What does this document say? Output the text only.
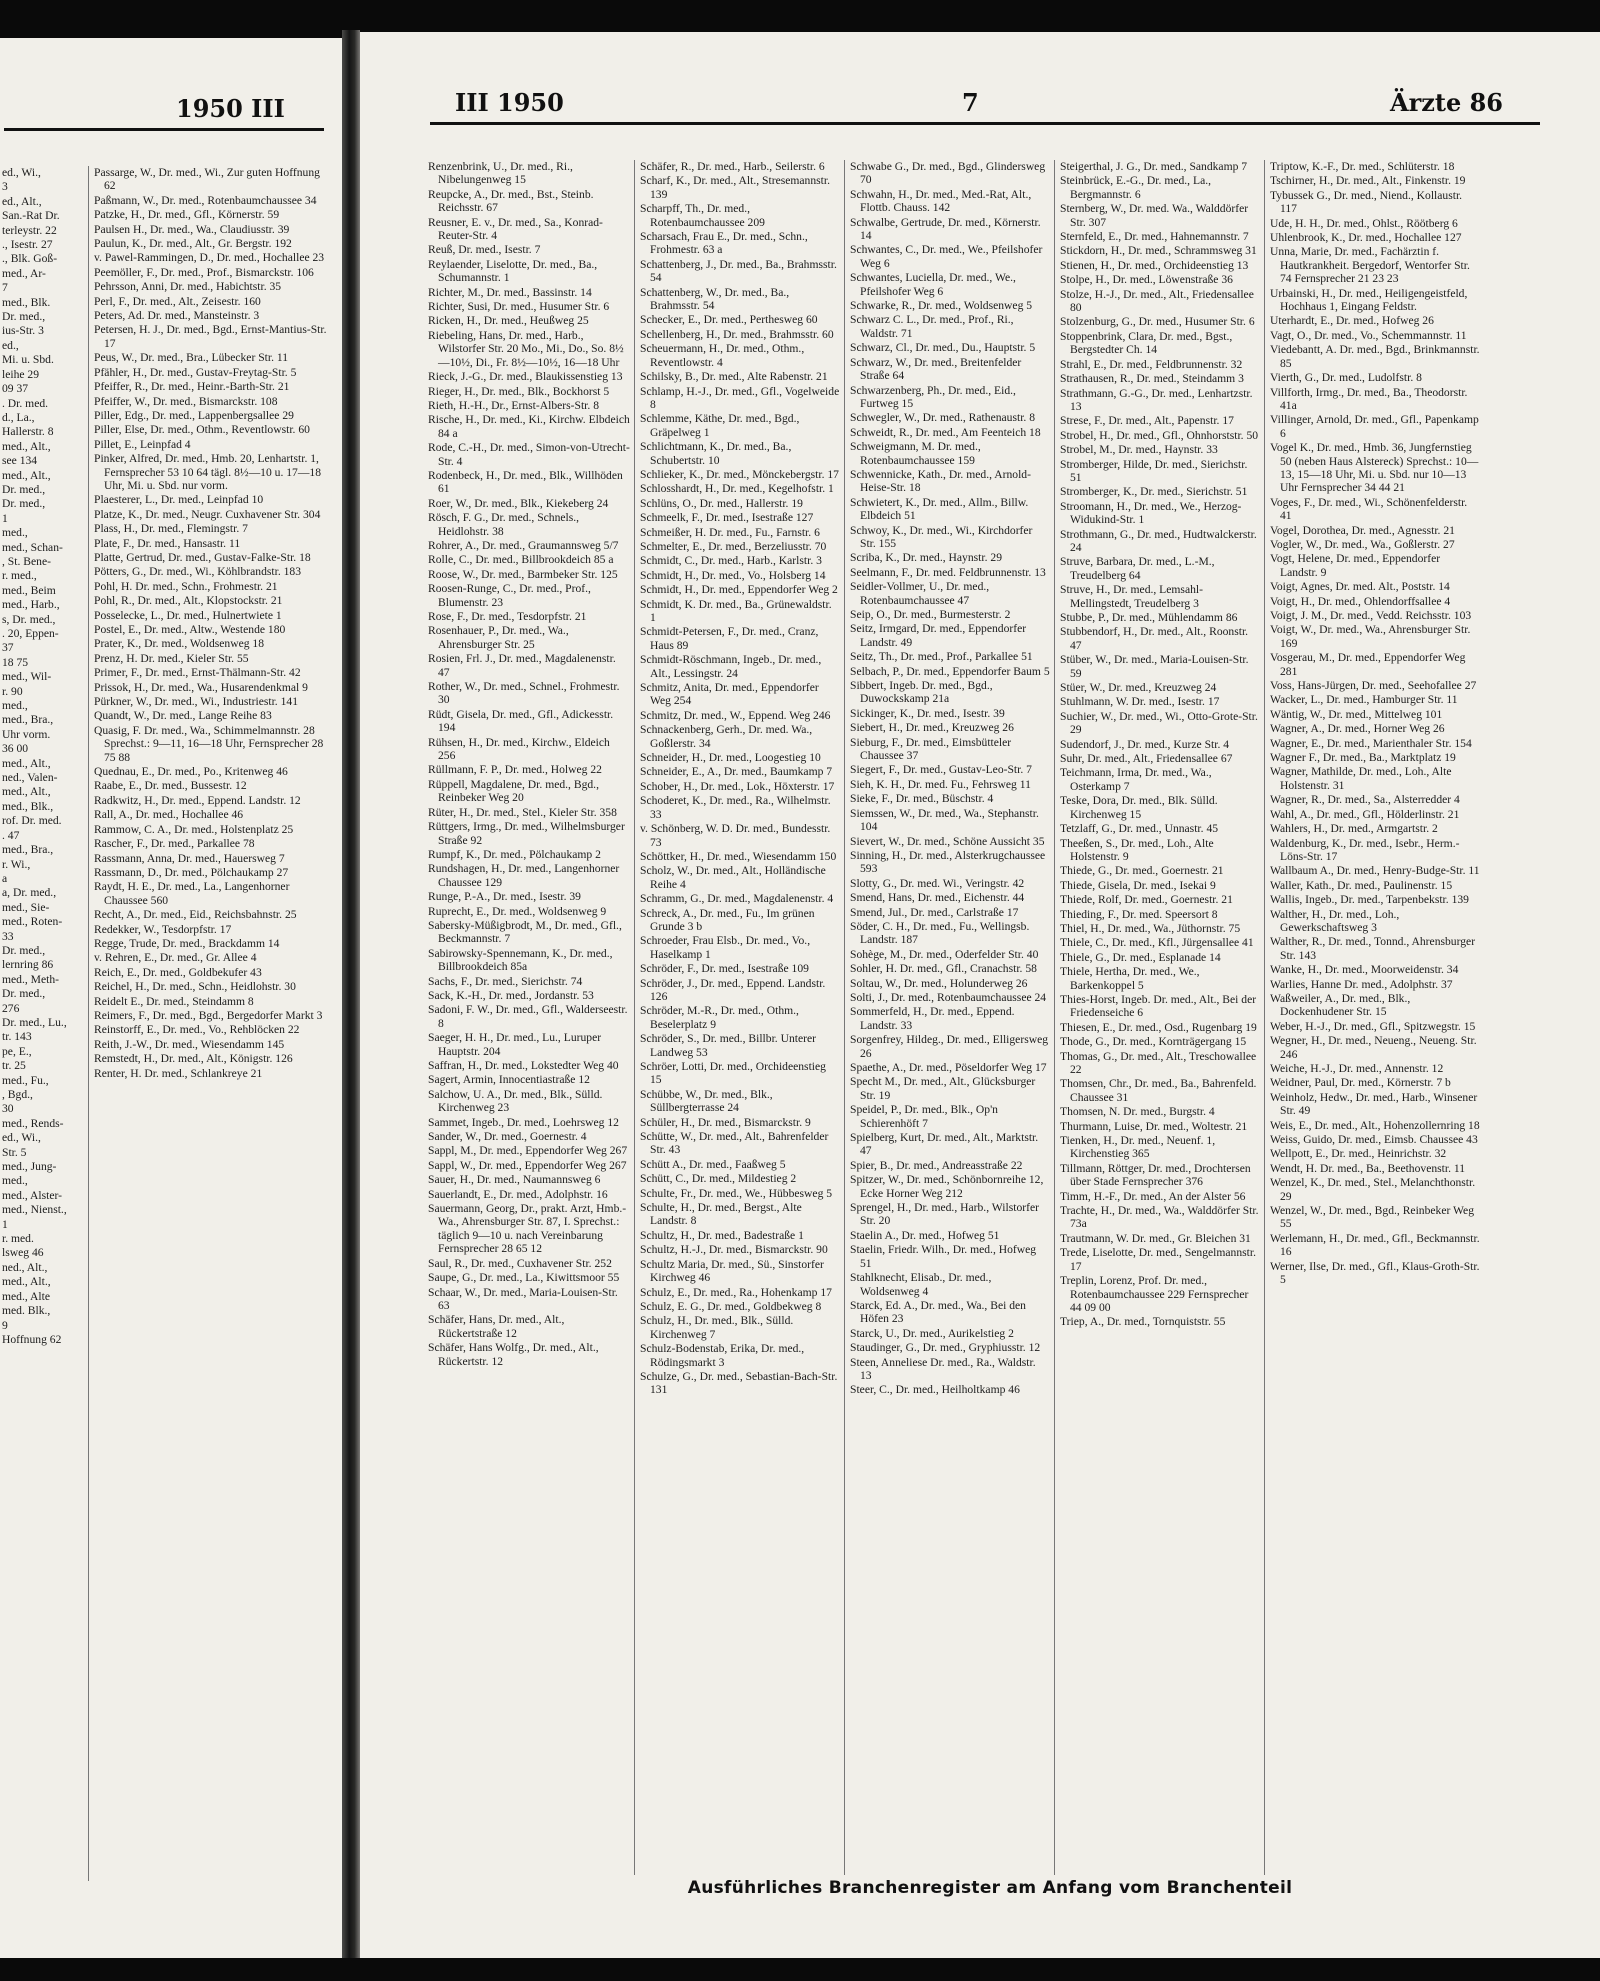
1950 III

ed., Wi.,

3

ed., Alt.,

San.-Rat Dr.

terleystr. 22

., Isestr. 27

., Blk. Goß-

med., Ar-

7

med., Blk.

Dr. med.,

ius-Str. 3

ed.,

Mi. u. Sbd.

leihe 29

09 37

. Dr. med.

d., La.,

Hallerstr. 8

med., Alt.,

see 134

med., Alt.,

Dr. med.,

Dr. med.,

1

med.,

med., Schan-

, St. Bene-

r. med.,

med., Beim

med., Harb.,

s, Dr. med.,

. 20, Eppen-

37

18 75

med., Wil-

r. 90

med.,

med., Bra.,

Uhr vorm.

36 00

med., Alt.,

ned., Valen-

med., Alt.,

med., Blk.,

rof. Dr. med.

. 47

med., Bra.,

r. Wi.,

a

a, Dr. med.,

med., Sie-

med., Roten-

33

Dr. med.,

lernring 86

med., Meth-

Dr. med.,

276

Dr. med., Lu.,

tr. 143

pe, E.,

tr. 25

med., Fu.,

, Bgd.,

30

med., Rends-

ed., Wi.,

Str. 5

med., Jung-

med.,

med., Alster-

med., Nienst.,

1

r. med.

lsweg 46

ned., Alt.,

med., Alt.,

med., Alte

med. Blk.,

9

Hoffnung 62

Passarge, W., Dr. med., Wi., Zur guten Hoffnung 62

Paßmann, W., Dr. med., Rotenbaumchaussee 34

Patzke, H., Dr. med., Gfl., Körnerstr. 59

Paulsen H., Dr. med., Wa., Claudiusstr. 39

Paulun, K., Dr. med., Alt., Gr. Bergstr. 192

v. Pawel-Rammingen, D., Dr. med., Hochallee 23

Peemöller, F., Dr. med., Prof., Bismarckstr. 106

Pehrsson, Anni, Dr. med., Habichtstr. 35

Perl, F., Dr. med., Alt., Zeisestr. 160

Peters, Ad. Dr. med., Mansteinstr. 3

Petersen, H. J., Dr. med., Bgd., Ernst-Mantius-Str. 17

Peus, W., Dr. med., Bra., Lübecker Str. 11

Pfähler, H., Dr. med., Gustav-Freytag-Str. 5

Pfeiffer, R., Dr. med., Heinr.-Barth-Str. 21

Pfeiffer, W., Dr. med., Bismarckstr. 108

Piller, Edg., Dr. med., Lappenbergsallee 29

Piller, Else, Dr. med., Othm., Reventlowstr. 60

Pillet, E., Leinpfad 4

Pinker, Alfred, Dr. med., Hmb. 20, Lenhartstr. 1, Fernsprecher 53 10 64 tägl. 8½—10 u. 17—18 Uhr, Mi. u. Sbd. nur vorm.

Plaesterer, L., Dr. med., Leinpfad 10

Platze, K., Dr. med., Neugr. Cuxhavener Str. 304

Plass, H., Dr. med., Flemingstr. 7

Plate, F., Dr. med., Hansastr. 11

Platte, Gertrud, Dr. med., Gustav-Falke-Str. 18

Pötters, G., Dr. med., Wi., Köhlbrandstr. 183

Pohl, H. Dr. med., Schn., Frohmestr. 21

Pohl, R., Dr. med., Alt., Klopstockstr. 21

Posselecke, L., Dr. med., Hulnertwiete 1

Postel, E., Dr. med., Altw., Westende 180

Prater, K., Dr. med., Woldsenweg 18

Prenz, H. Dr. med., Kieler Str. 55

Primer, F., Dr. med., Ernst-Thälmann-Str. 42

Prissok, H., Dr. med., Wa., Husarendenkmal 9

Pürkner, W., Dr. med., Wi., Industriestr. 141

Quandt, W., Dr. med., Lange Reihe 83

Quasig, F. Dr. med., Wa., Schimmelmannstr. 28 Sprechst.: 9—11, 16—18 Uhr, Fernsprecher 28 75 88

Quednau, E., Dr. med., Po., Kritenweg 46

Raabe, E., Dr. med., Bussestr. 12

Radkwitz, H., Dr. med., Eppend. Landstr. 12

Rall, A., Dr. med., Hochallee 46

Rammow, C. A., Dr. med., Holstenplatz 25

Rascher, F., Dr. med., Parkallee 78

Rassmann, Anna, Dr. med., Hauersweg 7

Rassmann, D., Dr. med., Pölchaukamp 27

Raydt, H. E., Dr. med., La., Langenhorner Chaussee 560

Recht, A., Dr. med., Eid., Reichsbahnstr. 25

Redekker, W., Tesdorpfstr. 17

Regge, Trude, Dr. med., Brackdamm 14

v. Rehren, E., Dr. med., Gr. Allee 4

Reich, E., Dr. med., Goldbekufer 43

Reichel, H., Dr. med., Schn., Heidlohstr. 30

Reidelt E., Dr. med., Steindamm 8

Reimers, F., Dr. med., Bgd., Bergedorfer Markt 3

Reinstorff, E., Dr. med., Vo., Rehblöcken 22

Reith, J.-W., Dr. med., Wiesendamm 145

Remstedt, H., Dr. med., Alt., Königstr. 126

Renter, H. Dr. med., Schlankreye 21

III 1950	7	Ärzte 86

Renzenbrink, U., Dr. med., Ri., Nibelungenweg 15

Reupcke, A., Dr. med., Bst., Steinb. Reichsstr. 67

Reusner, E. v., Dr. med., Sa., Konrad-Reuter-Str. 4

Reuß, Dr. med., Isestr. 7

Reylaender, Liselotte, Dr. med., Ba., Schumannstr. 1

Richter, M., Dr. med., Bassinstr. 14

Richter, Susi, Dr. med., Husumer Str. 6

Ricken, H., Dr. med., Heußweg 25

Riebeling, Hans, Dr. med., Harb., Wilstorfer Str. 20 Mo., Mi., Do., So. 8½—10½, Di., Fr. 8½—10½, 16—18 Uhr

Rieck, J.-G., Dr. med., Blaukissenstieg 13

Rieger, H., Dr. med., Blk., Bockhorst 5

Rieth, H.-H., Dr., Ernst-Albers-Str. 8

Rische, H., Dr. med., Ki., Kirchw. Elbdeich 84 a

Rode, C.-H., Dr. med., Simon-von-Utrecht-Str. 4

Rodenbeck, H., Dr. med., Blk., Willhöden 61

Roer, W., Dr. med., Blk., Kiekeberg 24

Rösch, F. G., Dr. med., Schnels., Heidlohstr. 38

Rohrer, A., Dr. med., Graumannsweg 5/7

Rolle, C., Dr. med., Billbrookdeich 85 a

Roose, W., Dr. med., Barmbeker Str. 125

Roosen-Runge, C., Dr. med., Prof., Blumenstr. 23

Rose, F., Dr. med., Tesdorpfstr. 21

Rosenhauer, P., Dr. med., Wa., Ahrensburger Str. 25

Rosien, Frl. J., Dr. med., Magdalenenstr. 47

Rother, W., Dr. med., Schnel., Frohmestr. 30

Rüdt, Gisela, Dr. med., Gfl., Adickesstr. 194

Rühsen, H., Dr. med., Kirchw., Eldeich 256

Rüllmann, F. P., Dr. med., Holweg 22

Rüppell, Magdalene, Dr. med., Bgd., Reinbeker Weg 20

Rüter, H., Dr. med., Stel., Kieler Str. 358

Rüttgers, Irmg., Dr. med., Wilhelmsburger Straße 92

Rumpf, K., Dr. med., Pölchaukamp 2

Rundshagen, H., Dr. med., Langenhorner Chaussee 129

Runge, P.-A., Dr. med., Isestr. 39

Ruprecht, E., Dr. med., Woldsenweg 9

Sabersky-Müßigbrodt, M., Dr. med., Gfl., Beckmannstr. 7

Sabirowsky-Spennemann, K., Dr. med., Billbrookdeich 85a

Sachs, F., Dr. med., Sierichstr. 74

Sack, K.-H., Dr. med., Jordanstr. 53

Sadoni, F. W., Dr. med., Gfl., Walderseestr. 8

Saeger, H. H., Dr. med., Lu., Luruper Hauptstr. 204

Saffran, H., Dr. med., Lokstedter Weg 40

Sagert, Armin, Innocentiastraße 12

Salchow, U. A., Dr. med., Blk., Sülld. Kirchenweg 23

Sammet, Ingeb., Dr. med., Loehrsweg 12

Sander, W., Dr. med., Goernestr. 4

Sappl, M., Dr. med., Eppendorfer Weg 267

Sappl, W., Dr. med., Eppendorfer Weg 267

Sauer, H., Dr. med., Naumannsweg 6

Sauerlandt, E., Dr. med., Adolphstr. 16

Sauermann, Georg, Dr., prakt. Arzt, Hmb.-Wa., Ahrensburger Str. 87, I. Sprechst.: täglich 9—10 u. nach Vereinbarung Fernsprecher 28 65 12

Saul, R., Dr. med., Cuxhavener Str. 252

Saupe, G., Dr. med., La., Kiwittsmoor 55

Schaar, W., Dr. med., Maria-Louisen-Str. 63

Schäfer, Hans, Dr. med., Alt., Rückertstraße 12

Schäfer, Hans Wolfg., Dr. med., Alt., Rückertstr. 12

Schäfer, R., Dr. med., Harb., Seilerstr. 6

Scharf, K., Dr. med., Alt., Stresemannstr. 139

Scharpff, Th., Dr. med., Rotenbaumchaussee 209

Scharsach, Frau E., Dr. med., Schn., Frohmestr. 63 a

Schattenberg, J., Dr. med., Ba., Brahmsstr. 54

Schattenberg, W., Dr. med., Ba., Brahmsstr. 54

Schecker, E., Dr. med., Perthesweg 60

Schellenberg, H., Dr. med., Brahmsstr. 60

Scheuermann, H., Dr. med., Othm., Reventlowstr. 4

Schilsky, B., Dr. med., Alte Rabenstr. 21

Schlamp, H.-J., Dr. med., Gfl., Vogelweide 8

Schlemme, Käthe, Dr. med., Bgd., Gräpelweg 1

Schlichtmann, K., Dr. med., Ba., Schubertstr. 10

Schlieker, K., Dr. med., Mönckebergstr. 17

Schlosshardt, H., Dr. med., Kegelhofstr. 1

Schlüns, O., Dr. med., Hallerstr. 19

Schmeelk, F., Dr. med., Isestraße 127

Schmeißer, H. Dr. med., Fu., Farnstr. 6

Schmelter, E., Dr. med., Berzeliusstr. 70

Schmidt, C., Dr. med., Harb., Karlstr. 3

Schmidt, H., Dr. med., Vo., Holsberg 14

Schmidt, H., Dr. med., Eppendorfer Weg 2

Schmidt, K. Dr. med., Ba., Grünewaldstr. 1

Schmidt-Petersen, F., Dr. med., Cranz, Haus 89

Schmidt-Röschmann, Ingeb., Dr. med., Alt., Lessingstr. 24

Schmitz, Anita, Dr. med., Eppendorfer Weg 254

Schmitz, Dr. med., W., Eppend. Weg 246

Schnackenberg, Gerh., Dr. med. Wa., Goßlerstr. 34

Schneider, H., Dr. med., Loogestieg 10

Schneider, E., A., Dr. med., Baumkamp 7

Schober, H., Dr. med., Lok., Höxterstr. 17

Schoderet, K., Dr. med., Ra., Wilhelmstr. 33

v. Schönberg, W. D. Dr. med., Bundesstr. 73

Schöttker, H., Dr. med., Wiesendamm 150

Scholz, W., Dr. med., Alt., Holländische Reihe 4

Schramm, G., Dr. med., Magdalenenstr. 4

Schreck, A., Dr. med., Fu., Im grünen Grunde 3 b

Schroeder, Frau Elsb., Dr. med., Vo., Haselkamp 1

Schröder, F., Dr. med., Isestraße 109

Schröder, J., Dr. med., Eppend. Landstr. 126

Schröder, M.-R., Dr. med., Othm., Beselerplatz 9

Schröder, S., Dr. med., Billbr. Unterer Landweg 53

Schröer, Lotti, Dr. med., Orchideenstieg 15

Schübbe, W., Dr. med., Blk., Süllbergterrasse 24

Schüler, H., Dr. med., Bismarckstr. 9

Schütte, W., Dr. med., Alt., Bahrenfelder Str. 43

Schütt A., Dr. med., Faaßweg 5

Schütt, C., Dr. med., Mildestieg 2

Schulte, Fr., Dr. med., We., Hübbesweg 5

Schulte, H., Dr. med., Bergst., Alte Landstr. 8

Schultz, H., Dr. med., Badestraße 1

Schultz, H.-J., Dr. med., Bismarckstr. 90

Schultz Maria, Dr. med., Sü., Sinstorfer Kirchweg 46

Schulz, E., Dr. med., Ra., Hohenkamp 17

Schulz, E. G., Dr. med., Goldbekweg 8

Schulz, H., Dr. med., Blk., Sülld. Kirchenweg 7

Schulz-Bodenstab, Erika, Dr. med., Rödingsmarkt 3

Schulze, G., Dr. med., Sebastian-Bach-Str. 131

Schwabe G., Dr. med., Bgd., Glindersweg 70

Schwahn, H., Dr. med., Med.-Rat, Alt., Flottb. Chauss. 142

Schwalbe, Gertrude, Dr. med., Körnerstr. 14

Schwantes, C., Dr. med., We., Pfeilshofer Weg 6

Schwantes, Luciella, Dr. med., We., Pfeilshofer Weg 6

Schwarke, R., Dr. med., Woldsenweg 5

Schwarz C. L., Dr. med., Prof., Ri., Waldstr. 71

Schwarz, Cl., Dr. med., Du., Hauptstr. 5

Schwarz, W., Dr. med., Breitenfelder Straße 64

Schwarzenberg, Ph., Dr. med., Eid., Furtweg 15

Schwegler, W., Dr. med., Rathenaustr. 8

Schweidt, R., Dr. med., Am Feenteich 18

Schweigmann, M. Dr. med., Rotenbaumchaussee 159

Schwennicke, Kath., Dr. med., Arnold-Heise-Str. 18

Schwietert, K., Dr. med., Allm., Billw. Elbdeich 51

Schwoy, K., Dr. med., Wi., Kirchdorfer Str. 155

Scriba, K., Dr. med., Haynstr. 29

Seelmann, F., Dr. med. Feldbrunnenstr. 13

Seidler-Vollmer, U., Dr. med., Rotenbaumchaussee 47

Seip, O., Dr. med., Burmesterstr. 2

Seitz, Irmgard, Dr. med., Eppendorfer Landstr. 49

Seitz, Th., Dr. med., Prof., Parkallee 51

Selbach, P., Dr. med., Eppendorfer Baum 5

Sibbert, Ingeb. Dr. med., Bgd., Duwockskamp 21a

Sickinger, K., Dr. med., Isestr. 39

Siebert, H., Dr. med., Kreuzweg 26

Sieburg, F., Dr. med., Eimsbütteler Chaussee 37

Siegert, F., Dr. med., Gustav-Leo-Str. 7

Sieh, K. H., Dr. med. Fu., Fehrsweg 11

Sieke, F., Dr. med., Büschstr. 4

Siemssen, W., Dr. med., Wa., Stephanstr. 104

Sievert, W., Dr. med., Schöne Aussicht 35

Sinning, H., Dr. med., Alsterkrugchaussee 593

Slotty, G., Dr. med. Wi., Veringstr. 42

Smend, Hans, Dr. med., Eichenstr. 44

Smend, Jul., Dr. med., Carlstraße 17

Söder, C. H., Dr. med., Fu., Wellingsb. Landstr. 187

Sohège, M., Dr. med., Oderfelder Str. 40

Sohler, H. Dr. med., Gfl., Cranachstr. 58

Soltau, W., Dr. med., Holunderweg 26

Solti, J., Dr. med., Rotenbaumchaussee 24

Sommerfeld, H., Dr. med., Eppend. Landstr. 33

Sorgenfrey, Hildeg., Dr. med., Elligersweg 26

Spaethe, A., Dr. med., Pöseldorfer Weg 17

Specht M., Dr. med., Alt., Glücksburger Str. 19

Speidel, P., Dr. med., Blk., Op'n Schierenhöft 7

Spielberg, Kurt, Dr. med., Alt., Marktstr. 47

Spier, B., Dr. med., Andreasstraße 22

Spitzer, W., Dr. med., Schönbornreihe 12, Ecke Horner Weg 212

Sprengel, H., Dr. med., Harb., Wilstorfer Str. 20

Staelin A., Dr. med., Hofweg 51

Staelin, Friedr. Wilh., Dr. med., Hofweg 51

Stahlknecht, Elisab., Dr. med., Woldsenweg 4

Starck, Ed. A., Dr. med., Wa., Bei den Höfen 23

Starck, U., Dr. med., Aurikelstieg 2

Staudinger, G., Dr. med., Gryphiusstr. 12

Steen, Anneliese Dr. med., Ra., Waldstr. 13

Steer, C., Dr. med., Heilholtkamp 46

Steigerthal, J. G., Dr. med., Sandkamp 7

Steinbrück, E.-G., Dr. med., La., Bergmannstr. 6

Sternberg, W., Dr. med. Wa., Walddörfer Str. 307

Sternfeld, E., Dr. med., Hahnemannstr. 7

Stickdorn, H., Dr. med., Schrammsweg 31

Stienen, H., Dr. med., Orchideenstieg 13

Stolpe, H., Dr. med., Löwenstraße 36

Stolze, H.-J., Dr. med., Alt., Friedensallee 80

Stolzenburg, G., Dr. med., Husumer Str. 6

Stoppenbrink, Clara, Dr. med., Bgst., Bergstedter Ch. 14

Strahl, E., Dr. med., Feldbrunnenstr. 32

Strathausen, R., Dr. med., Steindamm 3

Strathmann, G.-G., Dr. med., Lenhartzstr. 13

Strese, F., Dr. med., Alt., Papenstr. 17

Strobel, H., Dr. med., Gfl., Ohnhorststr. 50

Strobel, M., Dr. med., Haynstr. 33

Stromberger, Hilde, Dr. med., Sierichstr. 51

Stromberger, K., Dr. med., Sierichstr. 51

Stroomann, H., Dr. med., We., Herzog-Widukind-Str. 1

Strothmann, G., Dr. med., Hudtwalckerstr. 24

Struve, Barbara, Dr. med., L.-M., Treudelberg 64

Struve, H., Dr. med., Lemsahl-Mellingstedt, Treudelberg 3

Stubbe, P., Dr. med., Mühlendamm 86

Stubbendorf, H., Dr. med., Alt., Roonstr. 47

Stüber, W., Dr. med., Maria-Louisen-Str. 59

Stüer, W., Dr. med., Kreuzweg 24

Stuhlmann, W. Dr. med., Isestr. 17

Suchier, W., Dr. med., Wi., Otto-Grote-Str. 29

Sudendorf, J., Dr. med., Kurze Str. 4

Suhr, Dr. med., Alt., Friedensallee 67

Teichmann, Irma, Dr. med., Wa., Osterkamp 7

Teske, Dora, Dr. med., Blk. Sülld. Kirchenweg 15

Tetzlaff, G., Dr. med., Unnastr. 45

Theeßen, S., Dr. med., Loh., Alte Holstenstr. 9

Thiede, G., Dr. med., Goernestr. 21

Thiede, Gisela, Dr. med., Isekai 9

Thiede, Rolf, Dr. med., Goernestr. 21

Thieding, F., Dr. med. Speersort 8

Thiel, H., Dr. med., Wa., Jüthornstr. 75

Thiele, C., Dr. med., Kfl., Jürgensallee 41

Thiele, G., Dr. med., Esplanade 14

Thiele, Hertha, Dr. med., We., Barkenkoppel 5

Thies-Horst, Ingeb. Dr. med., Alt., Bei der Friedenseiche 6

Thiesen, E., Dr. med., Osd., Rugenbarg 19

Thode, G., Dr. med., Kornträgergang 15

Thomas, G., Dr. med., Alt., Treschowallee 22

Thomsen, Chr., Dr. med., Ba., Bahrenfeld. Chaussee 31

Thomsen, N. Dr. med., Burgstr. 4

Thurmann, Luise, Dr. med., Woltestr. 21

Tienken, H., Dr. med., Neuenf. 1, Kirchenstieg 365

Tillmann, Röttger, Dr. med., Drochtersen über Stade Fernsprecher 376

Timm, H.-F., Dr. med., An der Alster 56

Trachte, H., Dr. med., Wa., Walddörfer Str. 73a

Trautmann, W. Dr. med., Gr. Bleichen 31

Trede, Liselotte, Dr. med., Sengelmannstr. 17

Treplin, Lorenz, Prof. Dr. med., Rotenbaumchaussee 229 Fernsprecher 44 09 00

Triep, A., Dr. med., Tornquiststr. 55

Triptow, K.-F., Dr. med., Schlüterstr. 18

Tschirner, H., Dr. med., Alt., Finkenstr. 19

Tybussek G., Dr. med., Niend., Kollaustr. 117

Ude, H. H., Dr. med., Ohlst., Röötberg 6

Uhlenbrook, K., Dr. med., Hochallee 127

Unna, Marie, Dr. med., Fachärztin f. Hautkrankheit. Bergedorf, Wentorfer Str. 74 Fernsprecher 21 23 23

Urbainski, H., Dr. med., Heiligengeistfeld, Hochhaus 1, Eingang Feldstr.

Uterhardt, E., Dr. med., Hofweg 26

Vagt, O., Dr. med., Vo., Schemmannstr. 11

Viedebantt, A. Dr. med., Bgd., Brinkmannstr. 85

Vierth, G., Dr. med., Ludolfstr. 8

Villforth, Irmg., Dr. med., Ba., Theodorstr. 41a

Villinger, Arnold, Dr. med., Gfl., Papenkamp 6

Vogel K., Dr. med., Hmb. 36, Jungfernstieg 50 (neben Haus Alstereck) Sprechst.: 10—13, 15—18 Uhr, Mi. u. Sbd. nur 10—13 Uhr Fernsprecher 34 44 21

Voges, F., Dr. med., Wi., Schönenfelderstr. 41

Vogel, Dorothea, Dr. med., Agnesstr. 21

Vogler, W., Dr. med., Wa., Goßlerstr. 27

Vogt, Helene, Dr. med., Eppendorfer Landstr. 9

Voigt, Agnes, Dr. med. Alt., Poststr. 14

Voigt, H., Dr. med., Ohlendorffsallee 4

Voigt, J. M., Dr. med., Vedd. Reichsstr. 103

Voigt, W., Dr. med., Wa., Ahrensburger Str. 169

Vosgerau, M., Dr. med., Eppendorfer Weg 281

Voss, Hans-Jürgen, Dr. med., Seehofallee 27

Wacker, L., Dr. med., Hamburger Str. 11

Wäntig, W., Dr. med., Mittelweg 101

Wagner, A., Dr. med., Horner Weg 26

Wagner, E., Dr. med., Marienthaler Str. 154

Wagner F., Dr. med., Ba., Marktplatz 19

Wagner, Mathilde, Dr. med., Loh., Alte Holstenstr. 31

Wagner, R., Dr. med., Sa., Alsterredder 4

Wahl, A., Dr. med., Gfl., Hölderlinstr. 21

Wahlers, H., Dr. med., Armgartstr. 2

Waldenburg, K., Dr. med., Isebr., Herm.-Löns-Str. 17

Wallbaum A., Dr. med., Henry-Budge-Str. 11

Waller, Kath., Dr. med., Paulinenstr. 15

Wallis, Ingeb., Dr. med., Tarpenbekstr. 139

Walther, H., Dr. med., Loh., Gewerkschaftsweg 3

Walther, R., Dr. med., Tonnd., Ahrensburger Str. 143

Wanke, H., Dr. med., Moorweidenstr. 34

Warlies, Hanne Dr. med., Adolphstr. 37

Waßweiler, A., Dr. med., Blk., Dockenhudener Str. 15

Weber, H.-J., Dr. med., Gfl., Spitzwegstr. 15

Wegner, H., Dr. med., Neueng., Neueng. Str. 246

Weiche, H.-J., Dr. med., Annenstr. 12

Weidner, Paul, Dr. med., Körnerstr. 7 b

Weinholz, Hedw., Dr. med., Harb., Winsener Str. 49

Weis, E., Dr. med., Alt., Hohenzollernring 18

Weiss, Guido, Dr. med., Eimsb. Chaussee 43

Wellpott, E., Dr. med., Heinrichstr. 32

Wendt, H. Dr. med., Ba., Beethovenstr. 11

Wenzel, K., Dr. med., Stel., Melanchthonstr. 29

Wenzel, W., Dr. med., Bgd., Reinbeker Weg 55

Werlemann, H., Dr. med., Gfl., Beckmannstr. 16

Werner, Ilse, Dr. med., Gfl., Klaus-Groth-Str. 5

Ausführliches Branchenregister am Anfang vom Branchenteil
